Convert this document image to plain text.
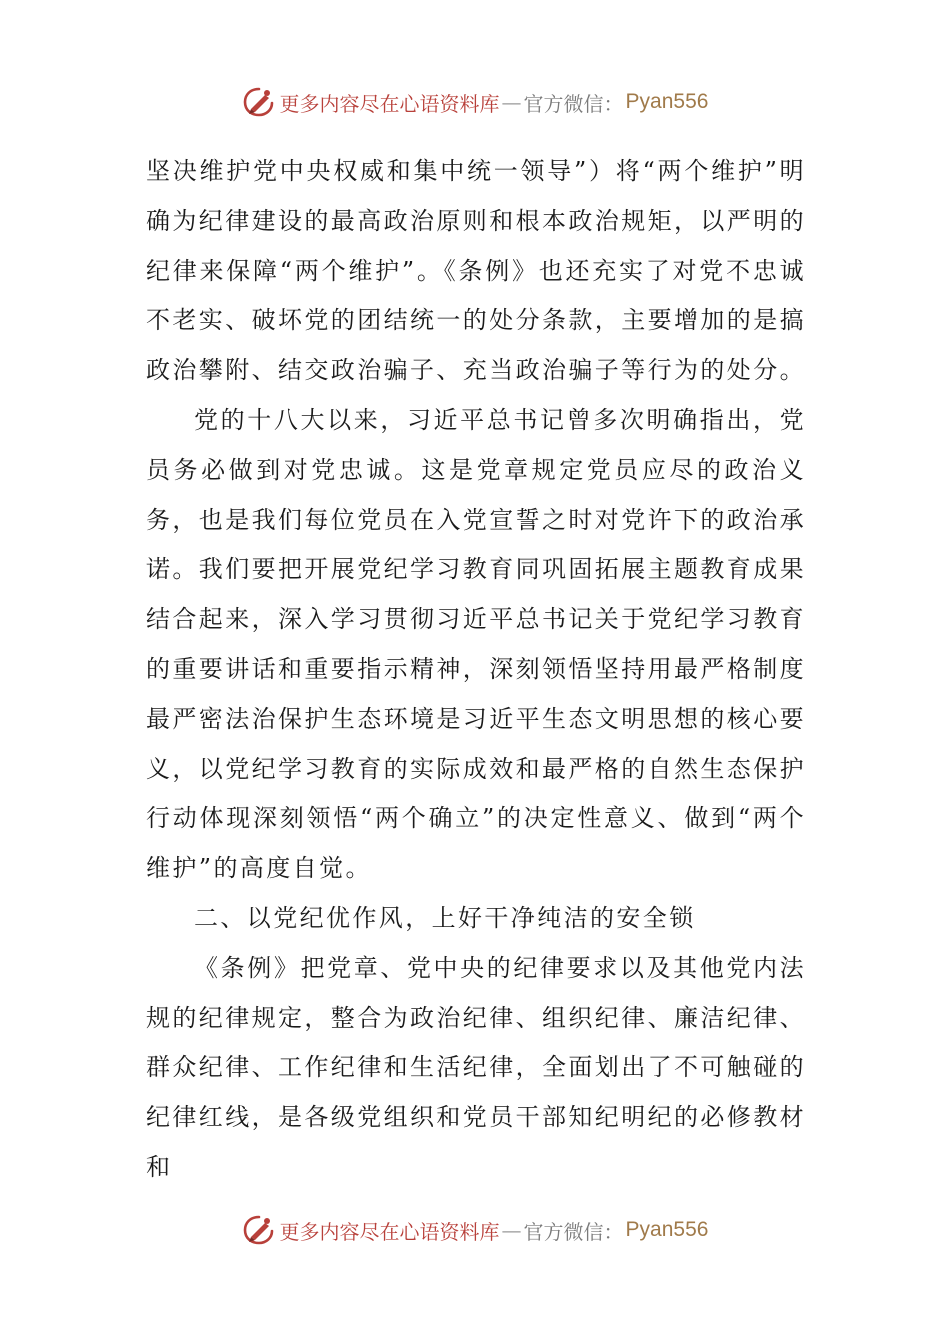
更多内容尽在心语资料库 — 官方微信： Pyan556

坚决维护党中央权威和集中统一领导”）将“两个维护”明确为纪律建设的最高政治原则和根本政治规矩，以严明的纪律来保障“两个维护”。《条例》也还充实了对党不忠诚不老实、破坏党的团结统一的处分条款，主要增加的是搞政治攀附、结交政治骗子、充当政治骗子等行为的处分。

党的十八大以来，习近平总书记曾多次明确指出，党员务必做到对党忠诚。这是党章规定党员应尽的政治义务，也是我们每位党员在入党宣誓之时对党许下的政治承诺。我们要把开展党纪学习教育同巩固拓展主题教育成果结合起来，深入学习贯彻习近平总书记关于党纪学习教育的重要讲话和重要指示精神，深刻领悟坚持用最严格制度最严密法治保护生态环境是习近平生态文明思想的核心要义，以党纪学习教育的实际成效和最严格的自然生态保护行动体现深刻领悟“两个确立”的决定性意义、做到“两个维护”的高度自觉。

二、以党纪优作风，上好干净纯洁的安全锁

《条例》把党章、党中央的纪律要求以及其他党内法规的纪律规定，整合为政治纪律、组织纪律、廉洁纪律、群众纪律、工作纪律和生活纪律，全面划出了不可触碰的纪律红线，是各级党组织和党员干部知纪明纪的必修教材和

更多内容尽在心语资料库 — 官方微信： Pyan556
